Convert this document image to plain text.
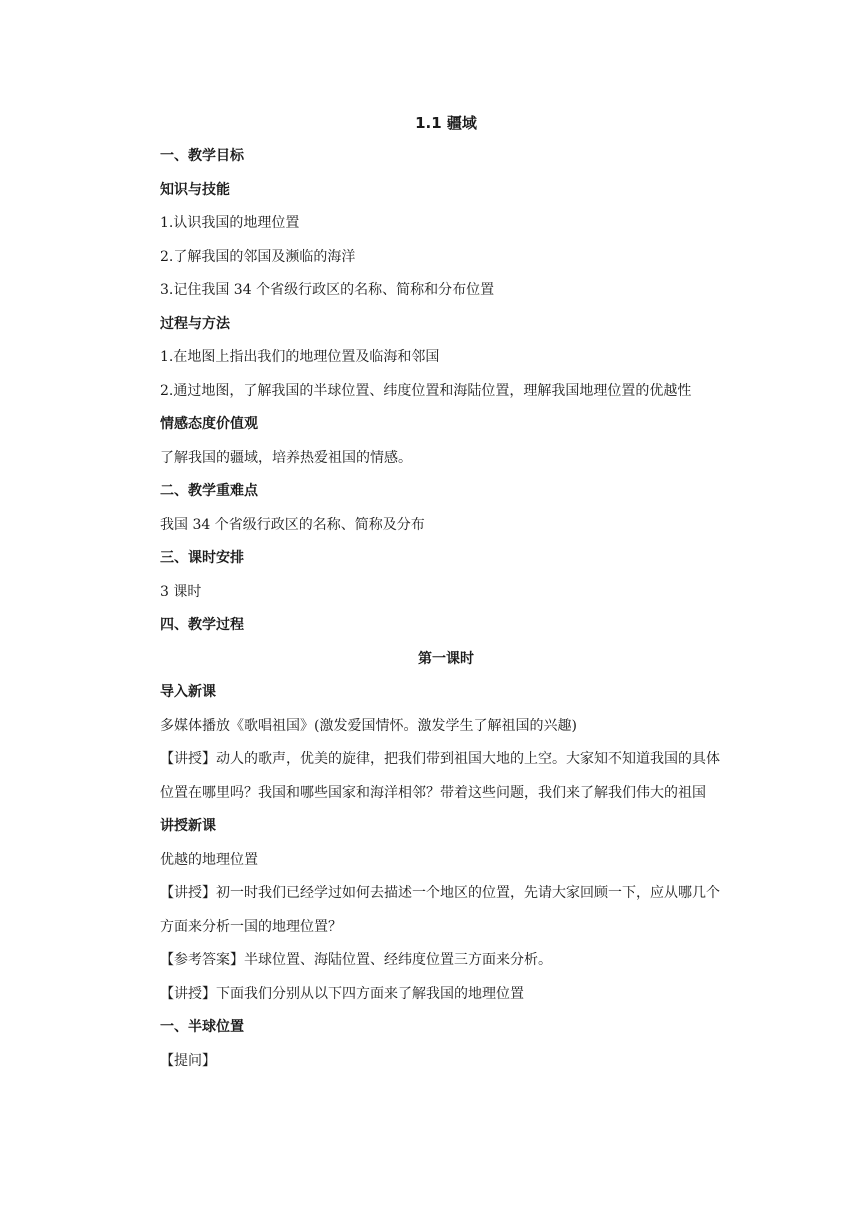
1.1 疆域
一、教学目标
知识与技能
1.认识我国的地理位置
2.了解我国的邻国及濒临的海洋
3.记住我国 34 个省级行政区的名称、简称和分布位置
过程与方法
1.在地图上指出我们的地理位置及临海和邻国
2.通过地图，了解我国的半球位置、纬度位置和海陆位置，理解我国地理位置的优越性
情感态度价值观
了解我国的疆域，培养热爱祖国的情感。
二、教学重难点
我国 34 个省级行政区的名称、简称及分布
三、课时安排
3 课时
四、教学过程
第一课时
导入新课
多媒体播放《歌唱祖国》(激发爱国情怀。激发学生了解祖国的兴趣)
【讲授】动人的歌声，优美的旋律，把我们带到祖国大地的上空。大家知不知道我国的具体位置在哪里吗？我国和哪些国家和海洋相邻？带着这些问题，我们来了解我们伟大的祖国
讲授新课
优越的地理位置
【讲授】初一时我们已经学过如何去描述一个地区的位置，先请大家回顾一下，应从哪几个方面来分析一国的地理位置？
【参考答案】半球位置、海陆位置、经纬度位置三方面来分析。
【讲授】下面我们分别从以下四方面来了解我国的地理位置
一、半球位置
【提问】
